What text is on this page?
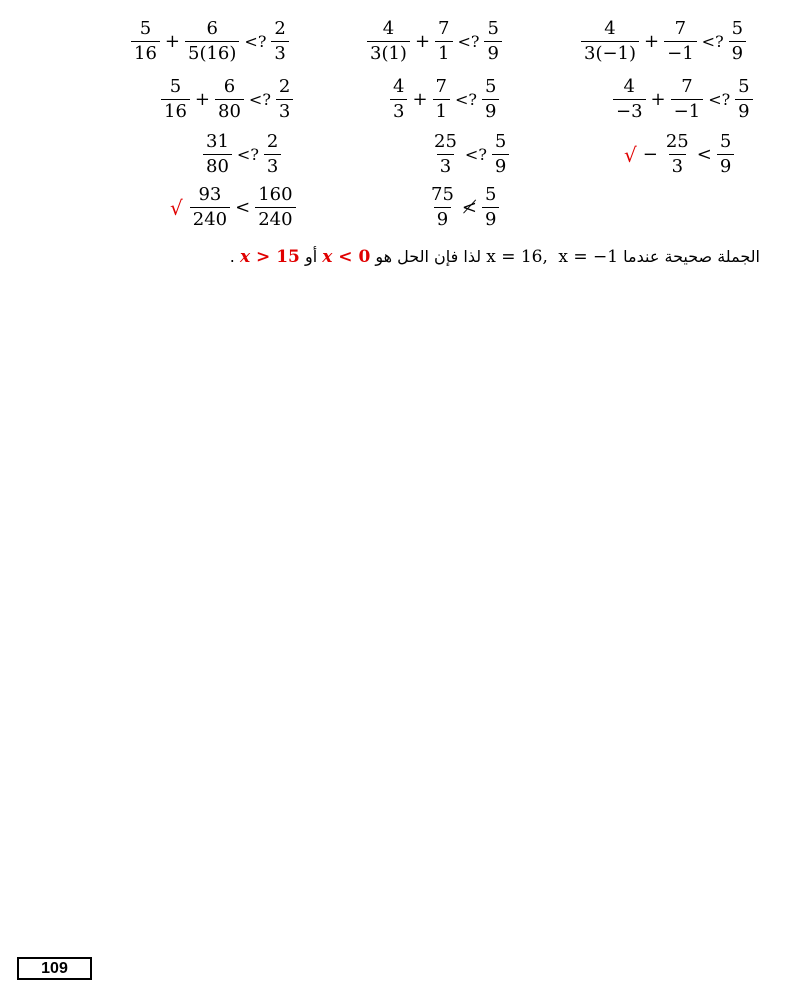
$\frac{5}{16} + \frac{6}{5(16)}$ <? $\frac{2}{3}$
$\frac{5}{16} + \frac{6}{80}$ <? $\frac{2}{3}$
$\frac{31}{80}$ <? $\frac{2}{3}$
√ $\frac{93}{240} < \frac{160}{240}$
$\frac{4}{3(1)} + \frac{7}{1}$ <? $\frac{5}{9}$
$\frac{4}{3} + \frac{7}{1}$ <? $\frac{5}{9}$
$\frac{25}{3}$ <? $\frac{5}{9}$
$\frac{75}{9}$ ≮ $\frac{5}{9}$
$\frac{4}{3(-1)} + \frac{7}{-1}$ <? $\frac{5}{9}$
$\frac{4}{-3} + \frac{7}{-1}$ <? $\frac{5}{9}$
√ − $\frac{25}{3} < \frac{5}{9}$
الجملة صحيحة عندما x = −1 , x = 16 لذا فإن الحل هو x < 0 أو x > 15 .
109
